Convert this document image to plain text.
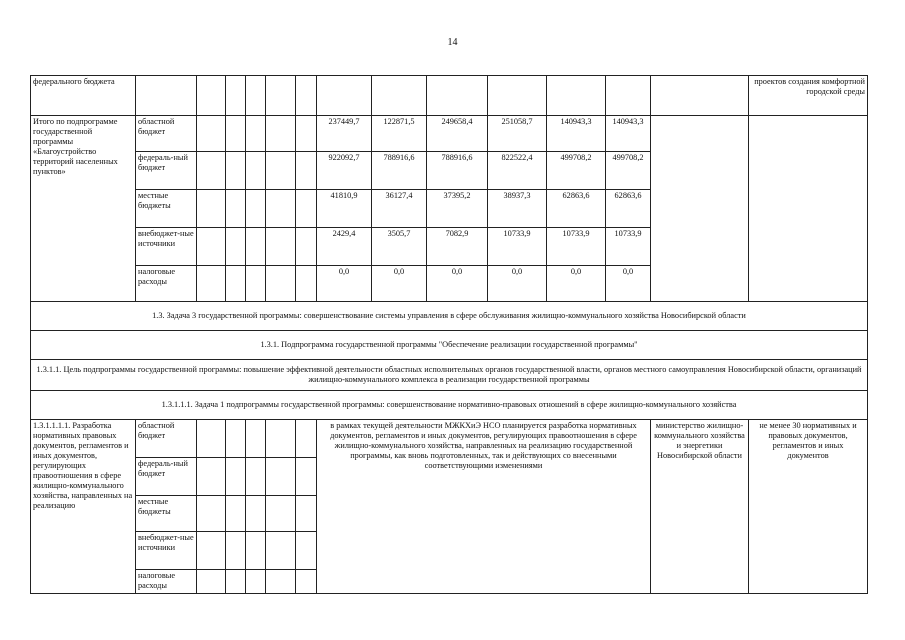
14
федерального бюджета														проектов создания комфортной городской среды
Итого по подпрограмме государственной программы «Благоустройство территорий населенных пунктов»	областной бюджет						237449,7	122871,5	249658,4	251058,7	140943,3	140943,3		
	федераль-ный бюджет						922092,7	788916,6	788916,6	822522,4	499708,2	499708,2		
	местные бюджеты						41810,9	36127,4	37395,2	38937,3	62863,6	62863,6		
	внебюджет-ные источники						2429,4	3505,7	7082,9	10733,9	10733,9	10733,9		
	налоговые расходы						0,0	0,0	0,0	0,0	0,0	0,0		
1.3. Задача 3 государственной программы: совершенствование системы управления в сфере обслуживания жилищно-коммунального хозяйства Новосибирской области														
1.3.1. Подпрограмма государственной программы "Обеспечение реализации государственной программы"														
1.3.1.1. Цель подпрограммы государственной программы: повышение эффективной деятельности областных исполнительных органов государственной власти, органов местного самоуправления Новосибирской области, организаций жилищно-коммунального комплекса в реализации государственной программы														
1.3.1.1.1. Задача 1 подпрограммы государственной программы: совершенствование нормативно-правовых отношений в сфере жилищно-коммунального хозяйства														
1.3.1.1.1.1. Разработка нормативных правовых документов, регламентов и иных документов, регулирующих правоотношения в сфере жилищно-коммунального хозяйства, направленных на реализацию	областной бюджет						в рамках текущей деятельности МЖКХиЭ НСО планируется разработка нормативных документов, регламентов и иных документов, регулирующих правоотношения в сфере жилищно-коммунального хозяйства, направленных на реализацию государственной программы, как вновь подготовленных, так и действующих со внесенными соответствующими изменениями						министерство жилищно-коммунального хозяйства и энергетики Новосибирской области	не менее 30 нормативных и правовых документов, регламентов и иных документов
	федераль-ный бюджет													
	местные бюджеты													
	внебюджет-ные источники													
	налоговые расходы													
